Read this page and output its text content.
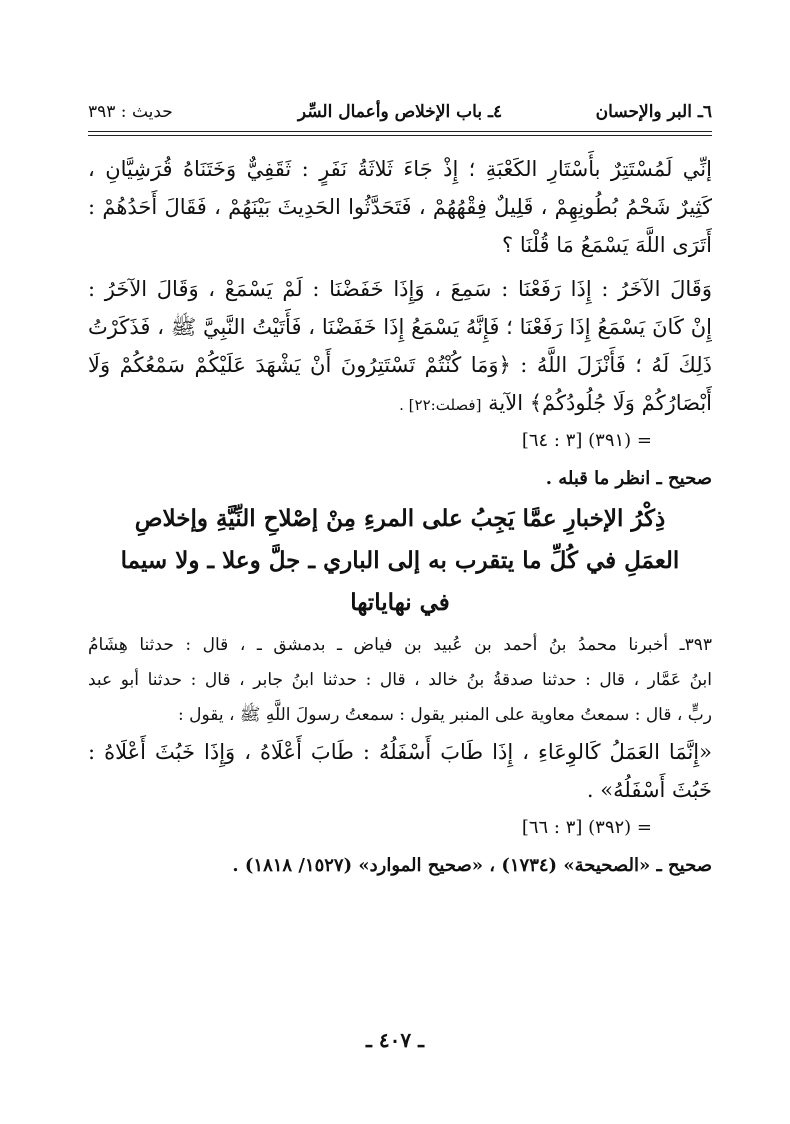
٦ـ البر والإحسان
٤ـ باب الإخلاص وأعمال السِّر
حديث : ٣٩٣
إنِّي لَمُسْتَتِرٌ بأَسْتَارِ الكَعْبَةِ ؛ إِذْ جَاءَ ثَلاثَةُ نَفَرٍ : ثَقَفِيٌّ وَخَتَنَاهُ قُرَشِيَّانِ ،
كَثِيرٌ شَحْمُ بُطُونِهِمْ ، قَلِيلٌ فِقْهُهُمْ ، فَتَحَدَّثُوا الحَدِيثَ بَيْنَهُمْ ، فَقَالَ أَحَدُهُمْ :
أَتَرَى اللَّهَ يَسْمَعُ مَا قُلْنَا ؟
وَقَالَ الآخَرُ : إِذَا رَفَعْنَا : سَمِعَ ، وَإِذَا خَفَضْنَا : لَمْ يَسْمَعْ ، وَقَالَ الآخَرُ :
إِنْ كَانَ يَسْمَعُ إِذَا رَفَعْنَا ؛ فَإِنَّهُ يَسْمَعُ إِذَا خَفَضْنَا ، فَأَتَيْتُ النَّبِيَّ ﷺ ، فَذَكَرْتُ
ذَلِكَ لَهُ ؛ فَأَنْزَلَ اللَّهُ : ﴿وَمَا كُنْتُمْ تَسْتَتِرُونَ أَنْ يَشْهَدَ عَلَيْكُمْ سَمْعُكُمْ وَلَا
أَبْصَارُكُمْ وَلَا جُلُودُكُمْ﴾ الآية [فصلت:٢٢] .
= (٣٩١) [٣ : ٦٤]
صحيح ـ انظر ما قبله .
ذِكْرُ الإخبارِ عمَّا يَجِبُ على المرءِ مِنْ إصْلاحِ النِّيَّةِ وإخلاصِ
العمَلِ في كُلِّ ما يتقرب به إلى الباري ـ جلَّ وعلا ـ ولا سيما
في نهاياتها
٣٩٣ـ أخبرنا محمدُ بنُ أحمد بن عُبيد بن فياض ـ بدمشق ـ ، قال : حدثنا هِشَامُ
ابنُ عَمَّار ، قال : حدثنا صدقةُ بنُ خالد ، قال : حدثنا ابنُ جابر ، قال : حدثنا أبو عبد
ربٍّ ، قال : سمعتُ معاوية على المنبر يقول : سمعتُ رسولَ اللَّهِ ﷺ ، يقول :
«إِنَّمَا العَمَلُ كَالوِعَاءِ ، إِذَا طَابَ أَسْفَلُهُ : طَابَ أَعْلَاهُ ، وَإِذَا خَبُثَ أَعْلَاهُ :
خَبُثَ أَسْفَلُهُ» .
= (٣٩٢) [٣ : ٦٦]
صحيح ـ «الصحيحة» (١٧٣٤) ، «صحيح الموارد» (١٥٢٧/ ١٨١٨) .
ـ ٤٠٧ ـ
